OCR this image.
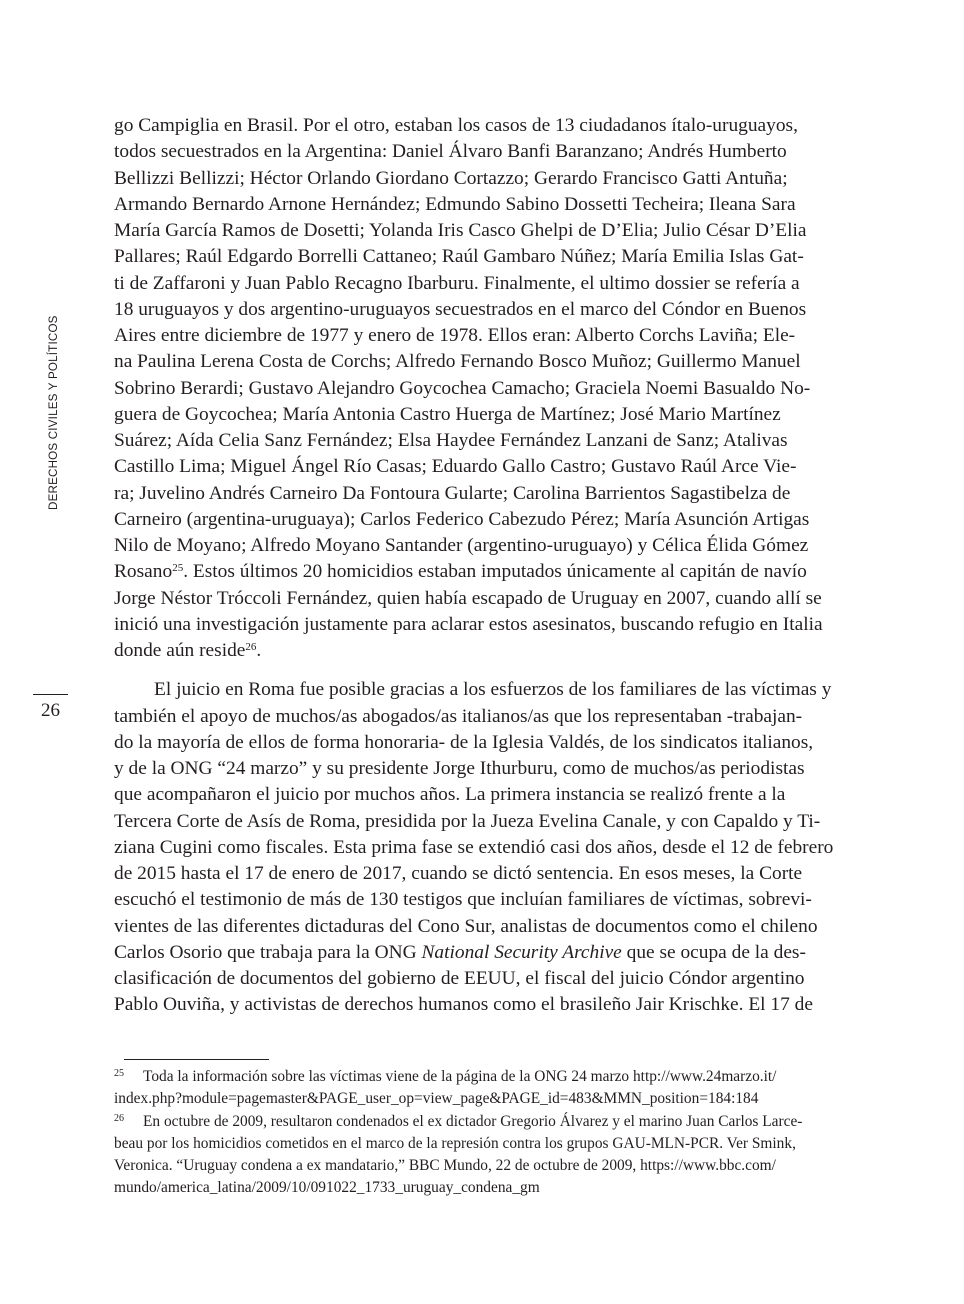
DERECHOS CIVILES Y POLÍTICOS
26
go Campiglia en Brasil. Por el otro, estaban los casos de 13 ciudadanos ítalo-uruguayos,
todos secuestrados en la Argentina: Daniel Álvaro Banfi Baranzano; Andrés Humberto
Bellizzi Bellizzi; Héctor Orlando Giordano Cortazzo; Gerardo Francisco Gatti Antuña;
Armando Bernardo Arnone Hernández; Edmundo Sabino Dossetti Techeira; Ileana Sara
María García Ramos de Dosetti; Yolanda Iris Casco Ghelpi de D’Elia; Julio César D’Elia
Pallares; Raúl Edgardo Borrelli Cattaneo; Raúl Gambaro Núñez; María Emilia Islas Gat-
ti de Zaffaroni y Juan Pablo Recagno Ibarburu. Finalmente, el ultimo dossier se refería a
18 uruguayos y dos argentino-uruguayos secuestrados en el marco del Cóndor en Buenos
Aires entre diciembre de 1977 y enero de 1978. Ellos eran: Alberto Corchs Laviña; Ele-
na Paulina Lerena Costa de Corchs; Alfredo Fernando Bosco Muñoz; Guillermo Manuel
Sobrino Berardi; Gustavo Alejandro Goycochea Camacho; Graciela Noemi Basualdo No-
guera de Goycochea; María Antonia Castro Huerga de Martínez; José Mario Martínez
Suárez; Aída Celia Sanz Fernández; Elsa Haydee Fernández Lanzani de Sanz; Atalivas
Castillo Lima; Miguel Ángel Río Casas; Eduardo Gallo Castro; Gustavo Raúl Arce Vie-
ra; Juvelino Andrés Carneiro Da Fontoura Gularte; Carolina Barrientos Sagastibelza de
Carneiro (argentina-uruguaya); Carlos Federico Cabezudo Pérez; María Asunción Artigas
Nilo de Moyano; Alfredo Moyano Santander (argentino-uruguayo) y Célica Élida Gómez
Rosano$^{25}$. Estos últimos 20 homicidios estaban imputados únicamente al capitán de navío
Jorge Néstor Tróccoli Fernández, quien había escapado de Uruguay en 2007, cuando allí se
inició una investigación justamente para aclarar estos asesinatos, buscando refugio en Italia
donde aún reside$^{26}$.
El juicio en Roma fue posible gracias a los esfuerzos de los familiares de las víctimas y
también el apoyo de muchos/as abogados/as italianos/as que los representaban -trabajan-
do la mayoría de ellos de forma honoraria- de la Iglesia Valdés, de los sindicatos italianos,
y de la ONG “24 marzo” y su presidente Jorge Ithurburu, como de muchos/as periodistas
que acompañaron el juicio por muchos años. La primera instancia se realizó frente a la
Tercera Corte de Asís de Roma, presidida por la Jueza Evelina Canale, y con Capaldo y Ti-
ziana Cugini como fiscales. Esta prima fase se extendió casi dos años, desde el 12 de febrero
de 2015 hasta el 17 de enero de 2017, cuando se dictó sentencia. En esos meses, la Corte
escuchó el testimonio de más de 130 testigos que incluían familiares de víctimas, sobrevi-
vientes de las diferentes dictaduras del Cono Sur, analistas de documentos como el chileno
Carlos Osorio que trabaja para la ONG National Security Archive que se ocupa de la des-
clasificación de documentos del gobierno de EEUU, el fiscal del juicio Cóndor argentino
Pablo Ouviña, y activistas de derechos humanos como el brasileño Jair Krischke. El 17 de
25 Toda la información sobre las víctimas viene de la página de la ONG 24 marzo http://www.24marzo.it/
index.php?module=pagemaster&PAGE_user_op=view_page&PAGE_id=483&MMN_position=184:184
26 En octubre de 2009, resultaron condenados el ex dictador Gregorio Álvarez y el marino Juan Carlos Larce-
beau por los homicidios cometidos en el marco de la represión contra los grupos GAU-MLN-PCR. Ver Smink,
Veronica. “Uruguay condena a ex mandatario,” BBC Mundo, 22 de octubre de 2009, https://www.bbc.com/
mundo/america_latina/2009/10/091022_1733_uruguay_condena_gm
